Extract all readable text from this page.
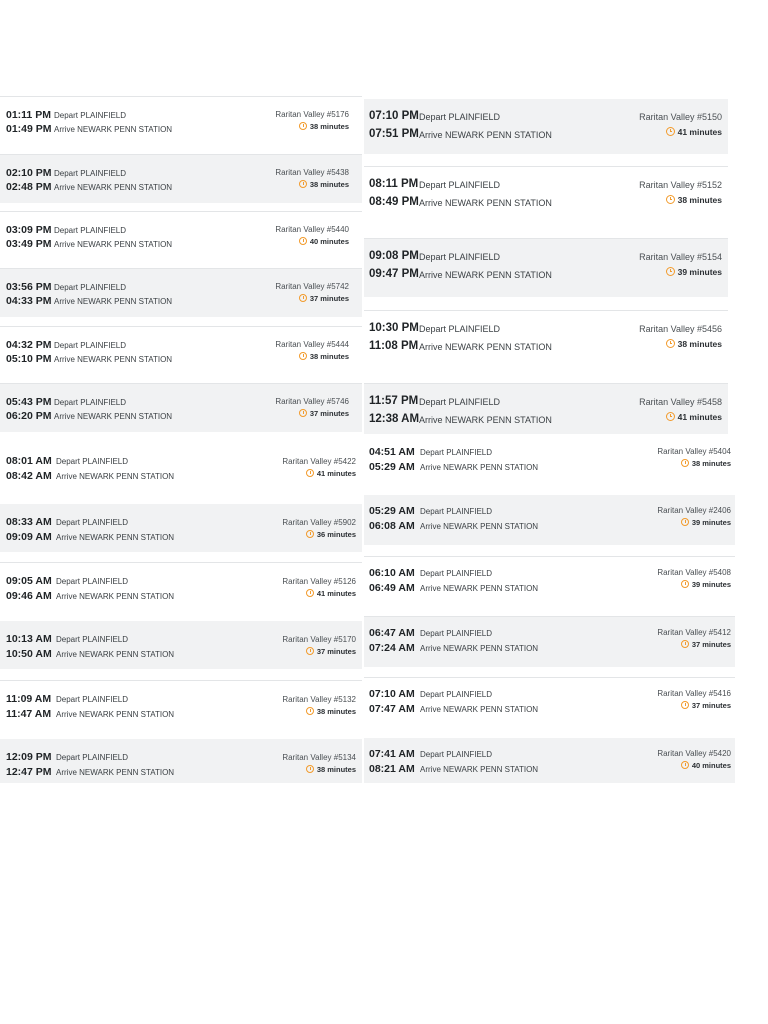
01:11 PM Depart PLAINFIELD
01:49 PM Arrive NEWARK PENN STATION
Raritan Valley #5176
38 minutes
02:10 PM Depart PLAINFIELD
02:48 PM Arrive NEWARK PENN STATION
Raritan Valley #5438
38 minutes
03:09 PM Depart PLAINFIELD
03:49 PM Arrive NEWARK PENN STATION
Raritan Valley #5440
40 minutes
03:56 PM Depart PLAINFIELD
04:33 PM Arrive NEWARK PENN STATION
Raritan Valley #5742
37 minutes
04:32 PM Depart PLAINFIELD
05:10 PM Arrive NEWARK PENN STATION
Raritan Valley #5444
38 minutes
05:43 PM Depart PLAINFIELD
06:20 PM Arrive NEWARK PENN STATION
Raritan Valley #5746
37 minutes
07:10 PM Depart PLAINFIELD
07:51 PM Arrive NEWARK PENN STATION
Raritan Valley #5150
41 minutes
08:11 PM Depart PLAINFIELD
08:49 PM Arrive NEWARK PENN STATION
Raritan Valley #5152
38 minutes
09:08 PM Depart PLAINFIELD
09:47 PM Arrive NEWARK PENN STATION
Raritan Valley #5154
39 minutes
10:30 PM Depart PLAINFIELD
11:08 PM Arrive NEWARK PENN STATION
Raritan Valley #5456
38 minutes
11:57 PM Depart PLAINFIELD
12:38 AM Arrive NEWARK PENN STATION
Raritan Valley #5458
41 minutes
08:01 AM Depart PLAINFIELD
08:42 AM Arrive NEWARK PENN STATION
Raritan Valley #5422
41 minutes
08:33 AM Depart PLAINFIELD
09:09 AM Arrive NEWARK PENN STATION
Raritan Valley #5902
36 minutes
09:05 AM Depart PLAINFIELD
09:46 AM Arrive NEWARK PENN STATION
Raritan Valley #5126
41 minutes
10:13 AM Depart PLAINFIELD
10:50 AM Arrive NEWARK PENN STATION
Raritan Valley #5170
37 minutes
11:09 AM Depart PLAINFIELD
11:47 AM Arrive NEWARK PENN STATION
Raritan Valley #5132
38 minutes
12:09 PM Depart PLAINFIELD
12:47 PM Arrive NEWARK PENN STATION
Raritan Valley #5134
38 minutes
04:51 AM Depart PLAINFIELD
05:29 AM Arrive NEWARK PENN STATION
Raritan Valley #5404
38 minutes
05:29 AM Depart PLAINFIELD
06:08 AM Arrive NEWARK PENN STATION
Raritan Valley #2406
39 minutes
06:10 AM Depart PLAINFIELD
06:49 AM Arrive NEWARK PENN STATION
Raritan Valley #5408
39 minutes
06:47 AM Depart PLAINFIELD
07:24 AM Arrive NEWARK PENN STATION
Raritan Valley #5412
37 minutes
07:10 AM Depart PLAINFIELD
07:47 AM Arrive NEWARK PENN STATION
Raritan Valley #5416
37 minutes
07:41 AM Depart PLAINFIELD
08:21 AM Arrive NEWARK PENN STATION
Raritan Valley #5420
40 minutes
